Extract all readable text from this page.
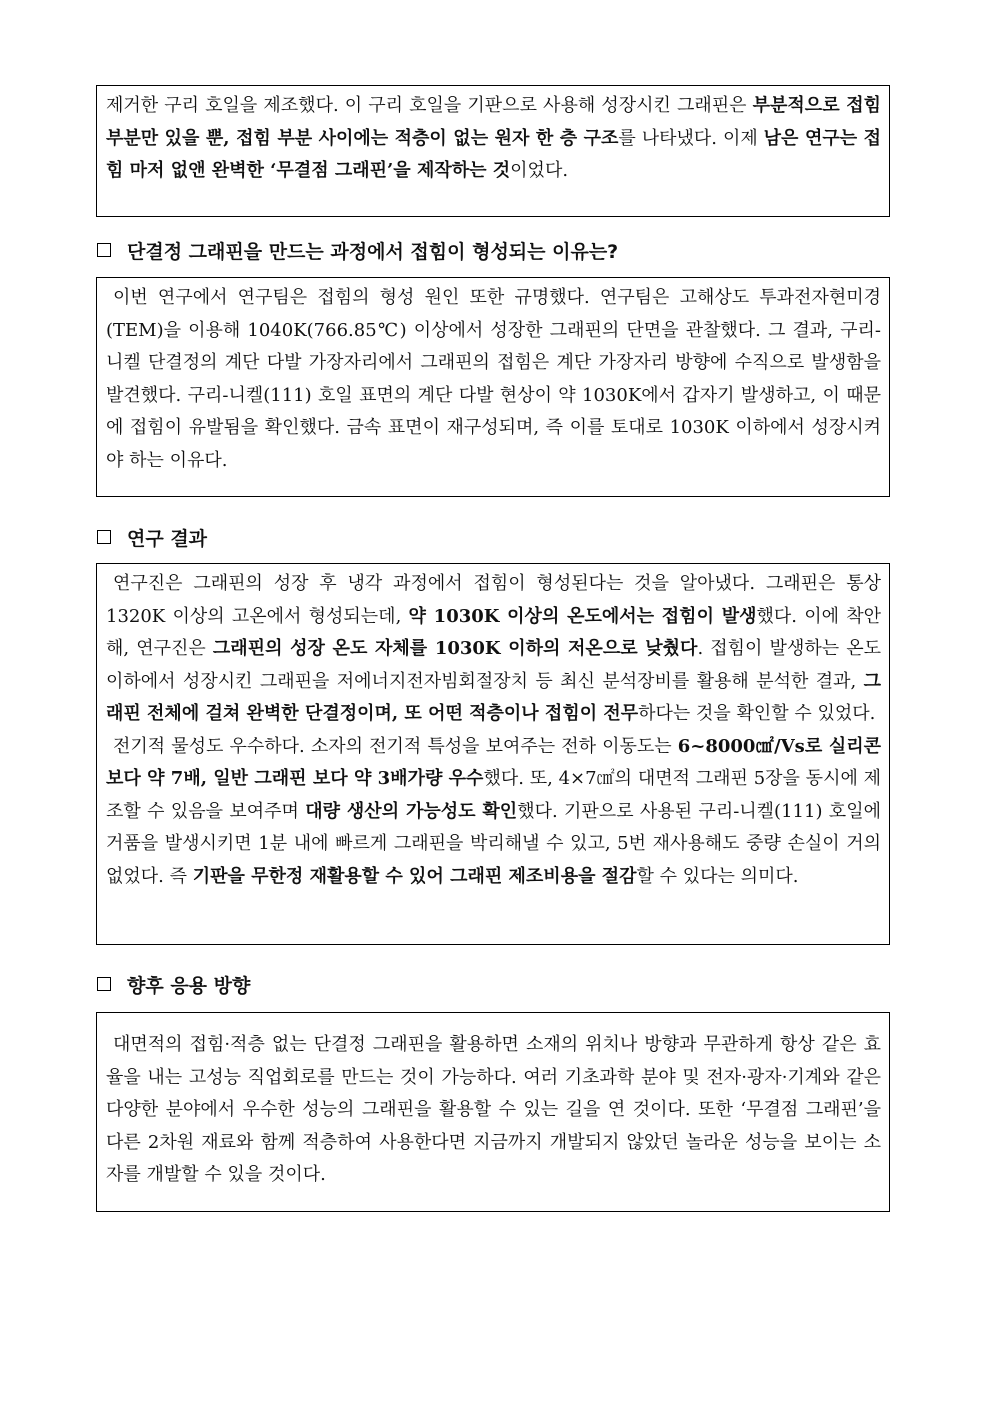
제거한 구리 호일을 제조했다. 이 구리 호일을 기판으로 사용해 성장시킨 그래핀은 부분적으로 접힘 부분만 있을 뿐, 접힘 부분 사이에는 적층이 없는 원자 한 층 구조를 나타냈다. 이제 남은 연구는 접힘 마저 없앤 완벽한 ‘무결점 그래핀’을 제작하는 것이었다.

단결정 그래핀을 만드는 과정에서 접힘이 형성되는 이유는?

이번 연구에서 연구팀은 접힘의 형성 원인 또한 규명했다. 연구팀은 고해상도 투과전자현미경(TEM)을 이용해 1040K(766.85℃) 이상에서 성장한 그래핀의 단면을 관찰했다. 그 결과, 구리-니켈 단결정의 계단 다발 가장자리에서 그래핀의 접힘은 계단 가장자리 방향에 수직으로 발생함을 발견했다. 구리-니켈(111) 호일 표면의 계단 다발 현상이 약 1030K에서 갑자기 발생하고, 이 때문에 접힘이 유발됨을 확인했다. 금속 표면이 재구성되며, 즉 이를 토대로 1030K 이하에서 성장시켜야 하는 이유다.

연구 결과

연구진은 그래핀의 성장 후 냉각 과정에서 접힘이 형성된다는 것을 알아냈다. 그래핀은 통상 1320K 이상의 고온에서 형성되는데, 약 1030K 이상의 온도에서는 접힘이 발생했다. 이에 착안해, 연구진은 그래핀의 성장 온도 자체를 1030K 이하의 저온으로 낮췄다. 접힘이 발생하는 온도 이하에서 성장시킨 그래핀을 저에너지전자빔회절장치 등 최신 분석장비를 활용해 분석한 결과, 그래핀 전체에 걸쳐 완벽한 단결정이며, 또 어떤 적층이나 접힘이 전무하다는 것을 확인할 수 있었다.

전기적 물성도 우수하다. 소자의 전기적 특성을 보여주는 전하 이동도는 6~8000㎠/Vs로 실리콘 보다 약 7배, 일반 그래핀 보다 약 3배가량 우수했다. 또, 4×7㎠의 대면적 그래핀 5장을 동시에 제조할 수 있음을 보여주며 대량 생산의 가능성도 확인했다. 기판으로 사용된 구리-니켈(111) 호일에 거품을 발생시키면 1분 내에 빠르게 그래핀을 박리해낼 수 있고, 5번 재사용해도 중량 손실이 거의 없었다. 즉 기판을 무한정 재활용할 수 있어 그래핀 제조비용을 절감할 수 있다는 의미다.

향후 응용 방향

대면적의 접힘·적층 없는 단결정 그래핀을 활용하면 소재의 위치나 방향과 무관하게 항상 같은 효율을 내는 고성능 직업회로를 만드는 것이 가능하다. 여러 기초과학 분야 및 전자·광자·기계와 같은 다양한 분야에서 우수한 성능의 그래핀을 활용할 수 있는 길을 연 것이다. 또한 ‘무결점 그래핀’을 다른 2차원 재료와 함께 적층하여 사용한다면 지금까지 개발되지 않았던 놀라운 성능을 보이는 소자를 개발할 수 있을 것이다.
